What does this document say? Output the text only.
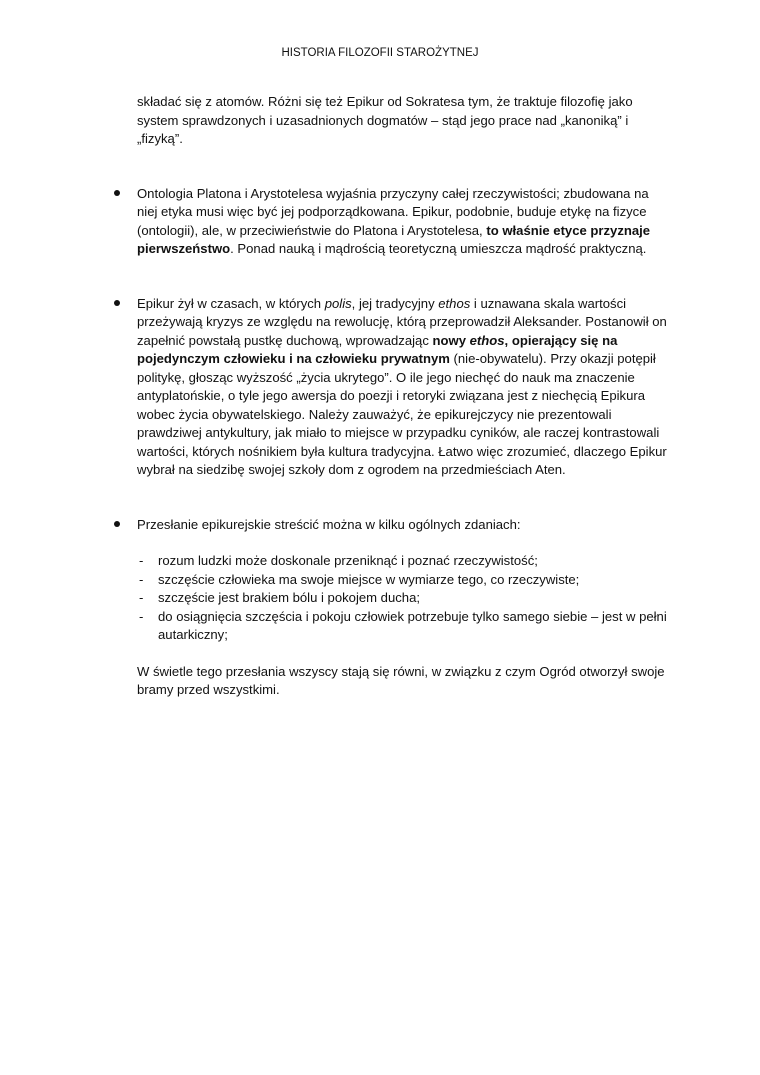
HISTORIA FILOZOFII STAROŻYTNEJ

składać się z atomów. Różni się też Epikur od Sokratesa tym, że traktuje filozofię jako system sprawdzonych i uzasadnionych dogmatów – stąd jego prace nad „kanoniką” i „fizyką”.

Ontologia Platona i Arystotelesa wyjaśnia przyczyny całej rzeczywistości; zbudowana na niej etyka musi więc być jej podporządkowana. Epikur, podobnie, buduje etykę na fizyce (ontologii), ale, w przeciwieństwie do Platona i Arystotelesa, to właśnie etyce przyznaje pierwszeństwo. Ponad nauką i mądrością teoretyczną umieszcza mądrość praktyczną.

Epikur żył w czasach, w których polis, jej tradycyjny ethos i uznawana skala wartości przeżywają kryzys ze względu na rewolucję, którą przeprowadził Aleksander. Postanowił on zapełnić powstałą pustkę duchową, wprowadzając nowy ethos, opierający się na pojedynczym człowieku i na człowieku prywatnym (nie-obywatelu). Przy okazji potępił politykę, głosząc wyższość „życia ukrytego”. O ile jego niechęć do nauk ma znaczenie antyplatońskie, o tyle jego awersja do poezji i retoryki związana jest z niechęcią Epikura wobec życia obywatelskiego. Należy zauważyć, że epikurejczycy nie prezentowali prawdziwej antykultury, jak miało to miejsce w przypadku cyników, ale raczej kontrastowali wartości, których nośnikiem była kultura tradycyjna. Łatwo więc zrozumieć, dlaczego Epikur wybrał na siedzibę swojej szkoły dom z ogrodem na przedmieściach Aten.

Przesłanie epikurejskie streścić można w kilku ogólnych zdaniach:

- rozum ludzki może doskonale przeniknąć i poznać rzeczywistość;
- szczęście człowieka ma swoje miejsce w wymiarze tego, co rzeczywiste;
- szczęście jest brakiem bólu i pokojem ducha;
- do osiągnięcia szczęścia i pokoju człowiek potrzebuje tylko samego siebie – jest w pełni autarkiczny;

W świetle tego przesłania wszyscy stają się równi, w związku z czym Ogród otworzył swoje bramy przed wszystkimi.
